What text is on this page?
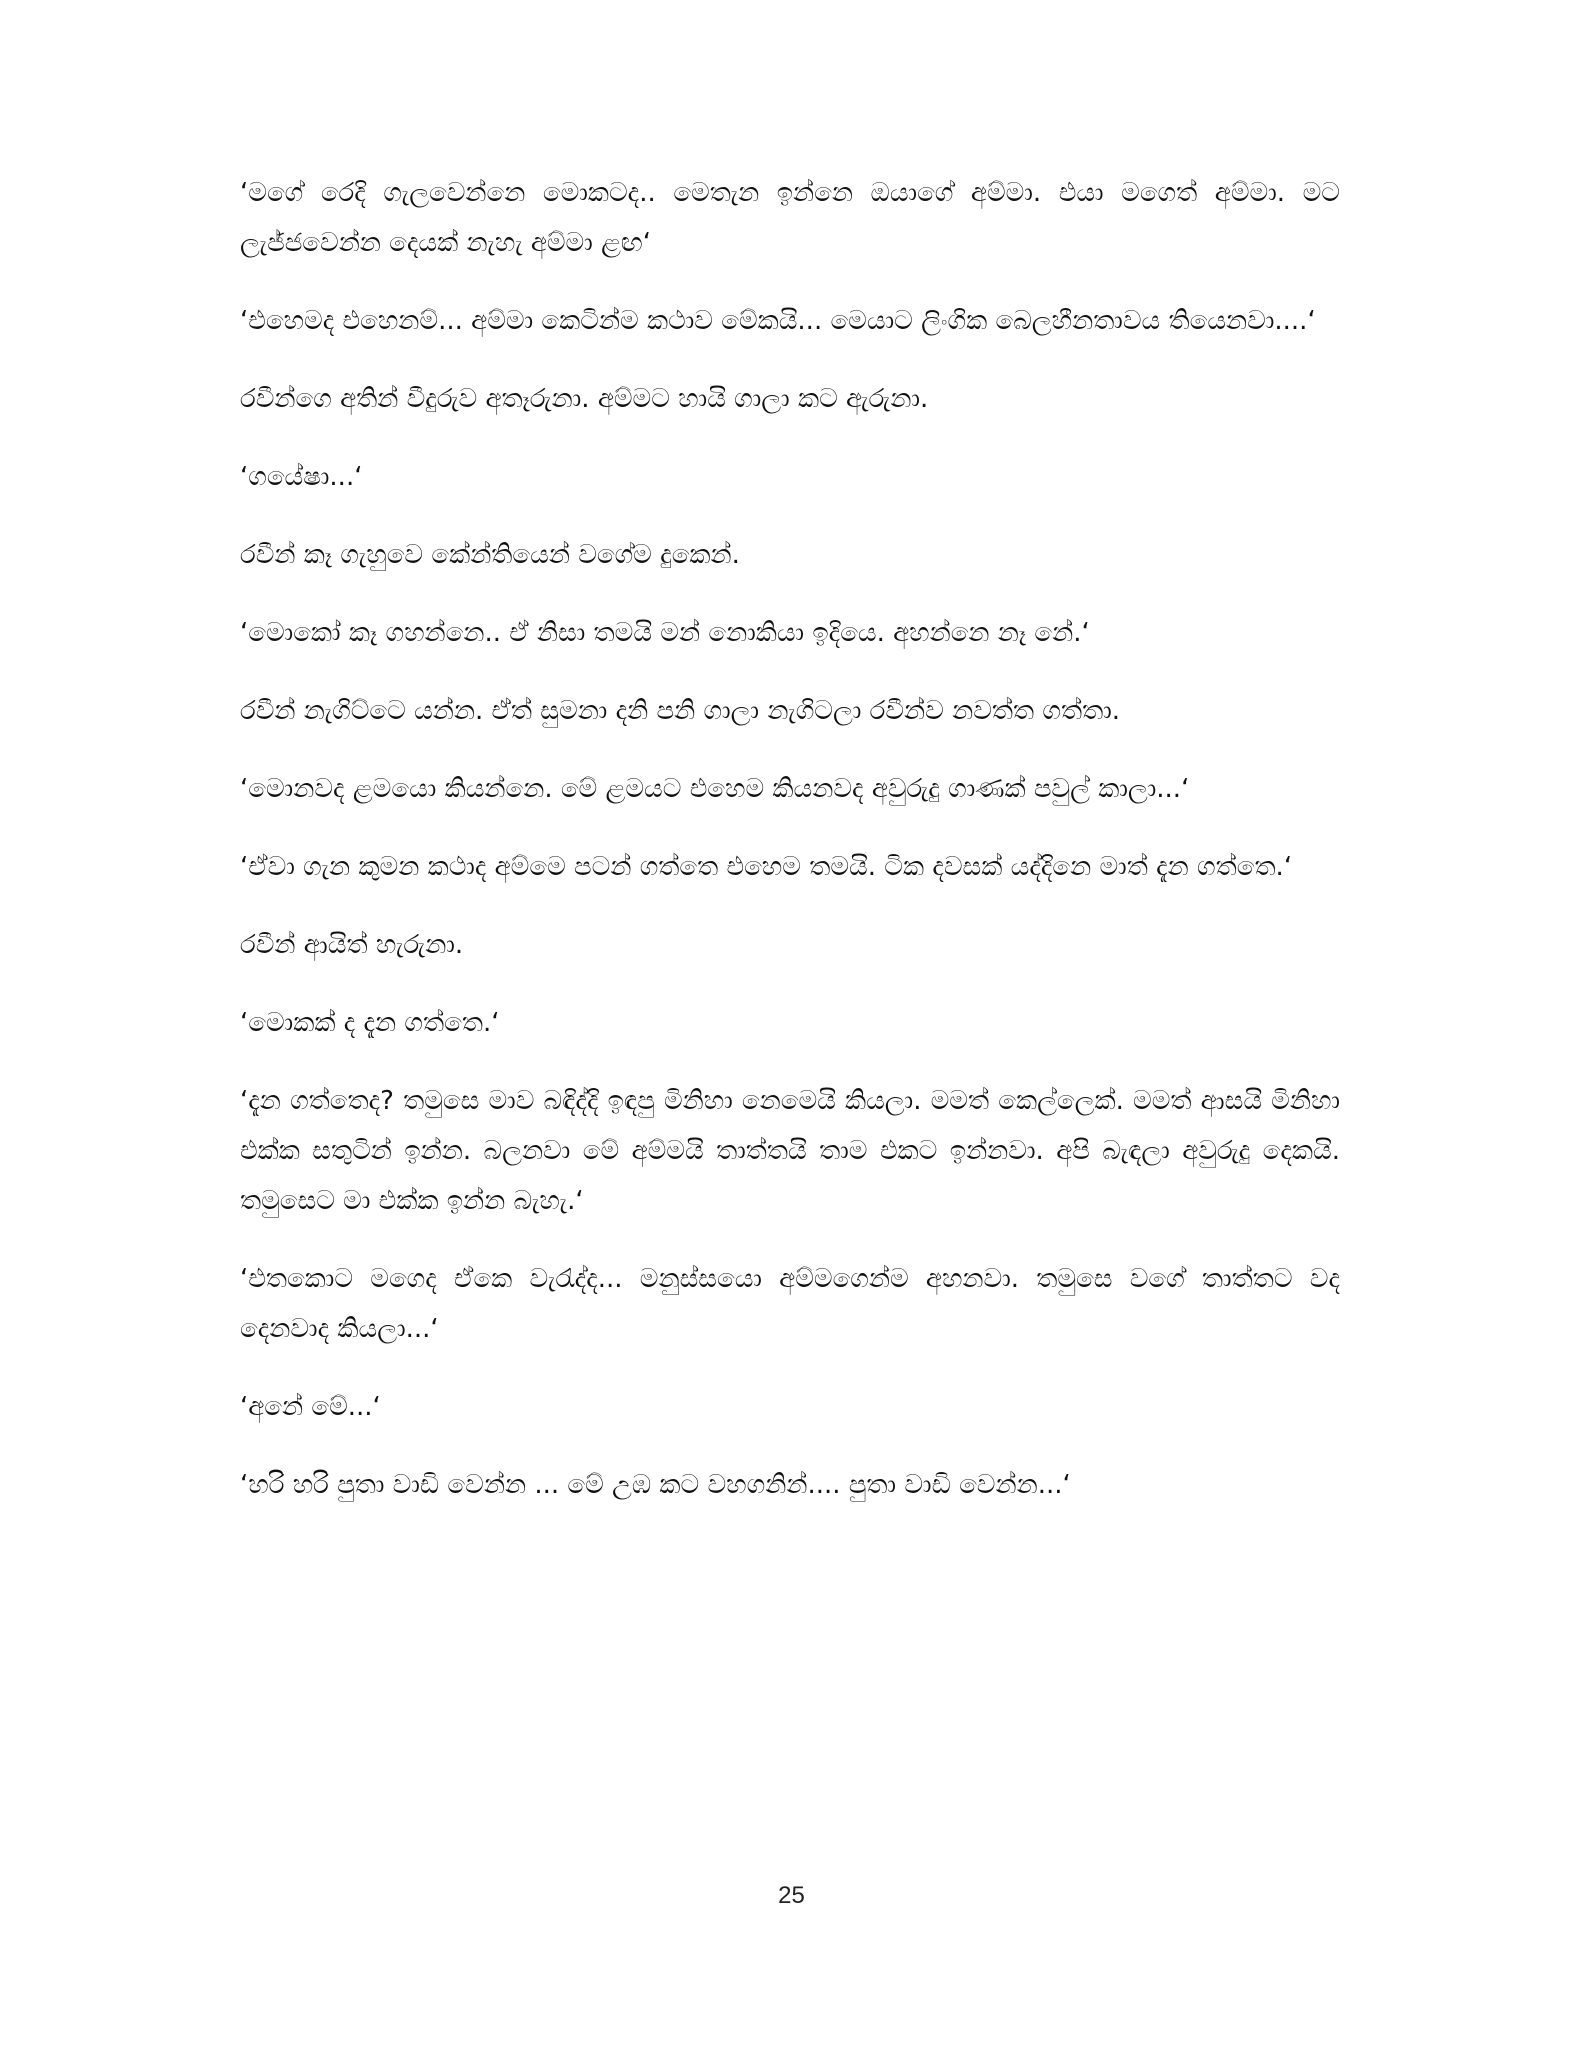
‘මගේ රෙදි ගැලවෙන්නෙ මොකටද.. මෙතැන ඉන්නෙ ඔයාගේ අම්මා. එයා මගෙත් අම්මා. මට ලැජ්ජවෙන්න දෙයක් නැහැ අම්මා ළඟ‘

‘එහෙමද එහෙනම්... අම්මා කෙටින්ම කථාව මේකයි... මෙයාට ලිංගික බෙලහීනතාවය තියෙනවා....‘

රවීන්ගෙ අතින් වීදුරුව අතෑරුනා. අම්මට හායි ගාලා කට ඇරුනා.

‘ගයේෂා...‘

රවීන් කෑ ගැහුවෙ කේන්තියෙන් වගේම දුකෙන්.

‘මොකෝ කෑ ගහන්නෙ.. ඒ නිසා තමයි මන් නොකියා ඉදියෙ. අහන්නෙ නෑ නේ.‘

රවීන් නැගිට්ටෙ යන්න. ඒත් සුමනා දනි පනි ගාලා නැගිටලා රවීන්ව නවත්ත ගත්තා.

‘මොනවද ළමයො කියන්නෙ. මේ ළමයට එහෙම කියනවද අවුරුදු ගාණක් පවුල් කාලා...‘

‘ඒවා ගැන කුමන කථාද අම්මෙ පටන් ගත්තෙ එහෙම තමයි. ටික දවසක් යද්දිනෙ මාත් දැන ගත්තෙ.‘

රවීන් ආයිත් හැරුනා.

‘මොකක් ද දැන ගත්තෙ.‘

‘දැන ගත්තෙද? තමුසෙ මාව බඳිද්දි ඉඳපු මිනිහා නෙමෙයි කියලා. මමත් කෙල්ලෙක්. මමත් ආසයි මිනිහා එක්ක සතුටින් ඉන්න. බලනවා මේ අම්මයි තාත්තයි තාම එකට ඉන්නවා. අපි බැඳලා අවුරුදු දෙකයි. තමුසෙට මා එක්ක ඉන්න බැහැ.‘

‘එතකොට මගෙද ඒකෙ වැරැද්ද... මනුස්සයො අම්මගෙන්ම අහනවා. තමුසෙ වගේ තාත්තට වද දෙනවාද කියලා...‘

‘අනේ මේ...‘

‘හරි හරි පුතා වාඩි වෙන්න ... මේ උඹ කට වහගනින්.... පුතා වාඩි වෙන්න...‘

25
